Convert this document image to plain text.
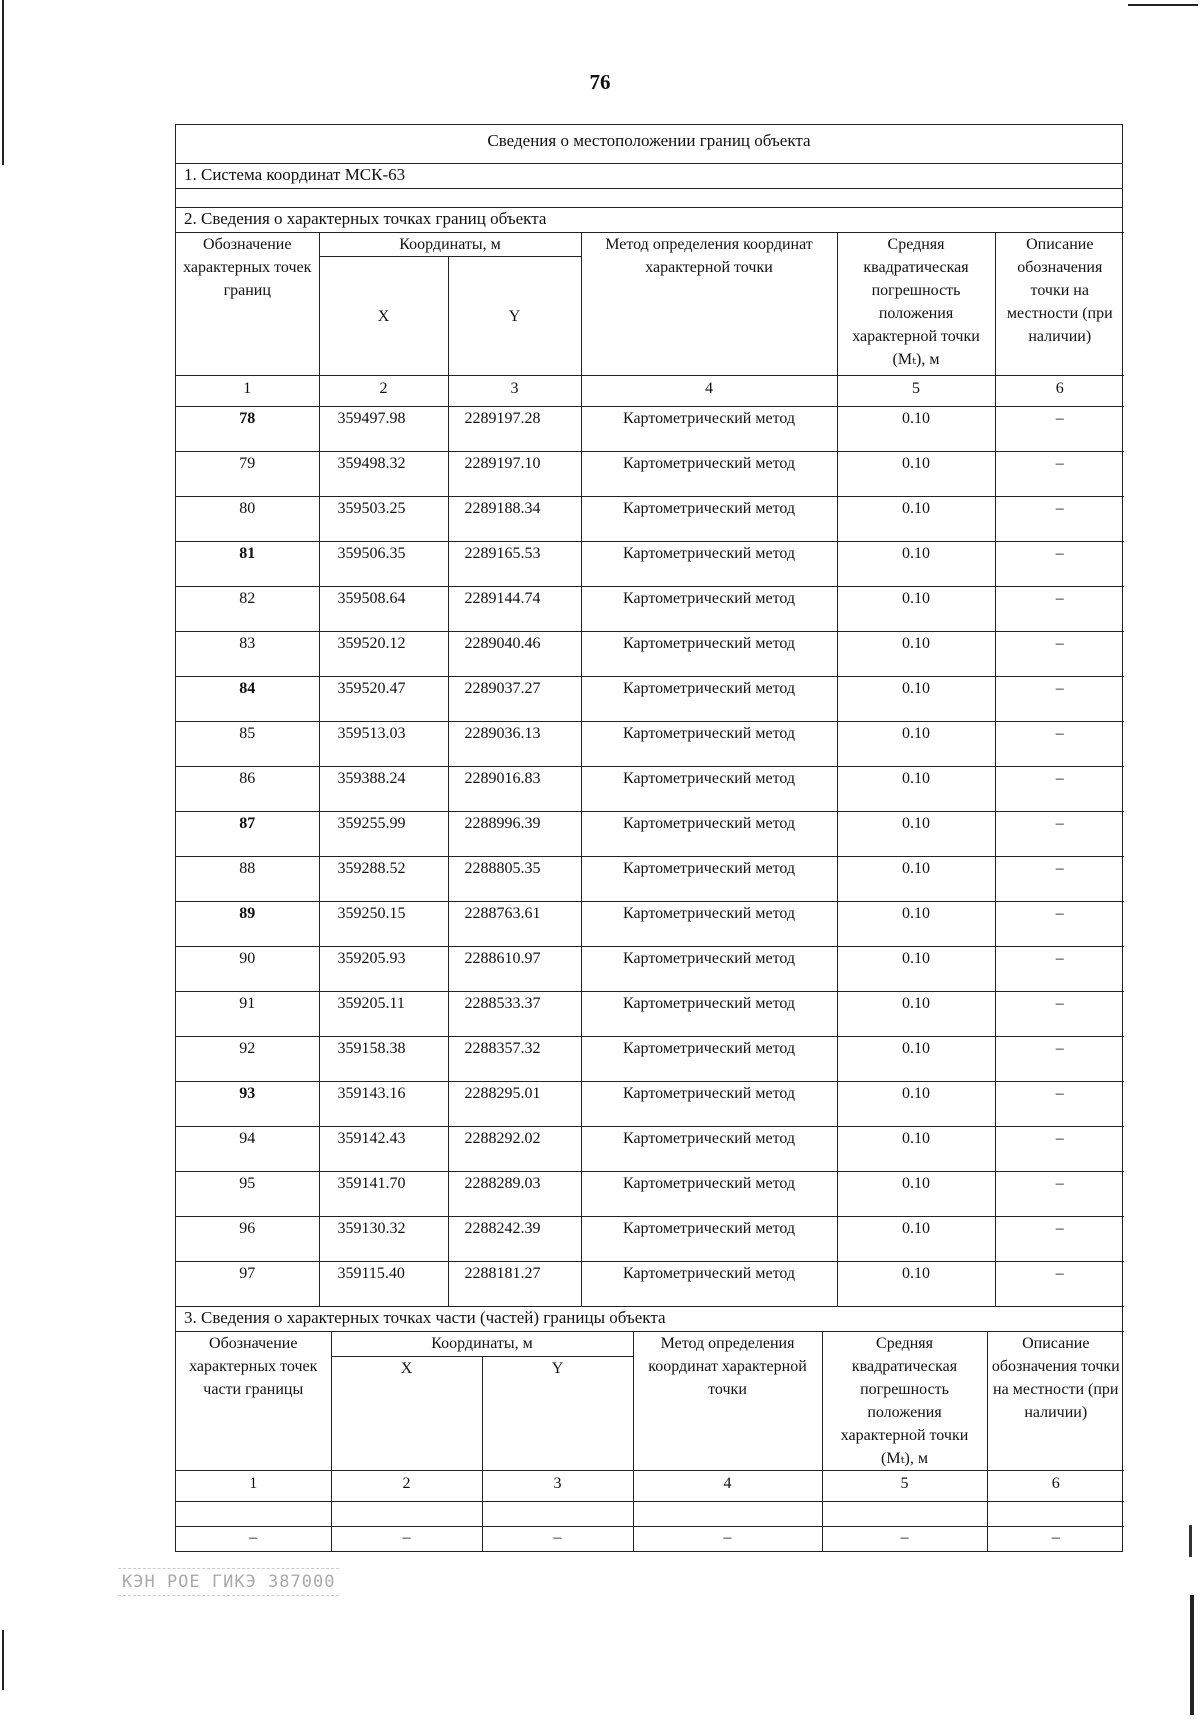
76
Сведения о местоположении границ объекта
1. Система координат МСК-63
2. Сведения о характерных точках границ объекта
Обозначение характерных точек границ	Координаты, м		Метод определения координат характерной точки	Средняя квадратическая погрешность положения характерной точки (Mₜ), м	Описание обозначения точки на местности (при наличии)
	X	Y			
1	2	3	4	5	6
78	359497.98	2289197.28	Картометрический метод	0.10	–
79	359498.32	2289197.10	Картометрический метод	0.10	–
80	359503.25	2289188.34	Картометрический метод	0.10	–
81	359506.35	2289165.53	Картометрический метод	0.10	–
82	359508.64	2289144.74	Картометрический метод	0.10	–
83	359520.12	2289040.46	Картометрический метод	0.10	–
84	359520.47	2289037.27	Картометрический метод	0.10	–
85	359513.03	2289036.13	Картометрический метод	0.10	–
86	359388.24	2289016.83	Картометрический метод	0.10	–
87	359255.99	2288996.39	Картометрический метод	0.10	–
88	359288.52	2288805.35	Картометрический метод	0.10	–
89	359250.15	2288763.61	Картометрический метод	0.10	–
90	359205.93	2288610.97	Картометрический метод	0.10	–
91	359205.11	2288533.37	Картометрический метод	0.10	–
92	359158.38	2288357.32	Картометрический метод	0.10	–
93	359143.16	2288295.01	Картометрический метод	0.10	–
94	359142.43	2288292.02	Картометрический метод	0.10	–
95	359141.70	2288289.03	Картометрический метод	0.10	–
96	359130.32	2288242.39	Картометрический метод	0.10	–
97	359115.40	2288181.27	Картометрический метод	0.10	–
3. Сведения о характерных точках части (частей) границы объекта
Обозначение характерных точек части границы	Координаты, м		Метод определения координат характерной точки	Средняя квадратическая погрешность положения характерной точки (Mₜ), м	Описание обозначения точки на местности (при наличии)
	X	Y			
1	2	3	4	5	6

–	–	–	–	–	–
КЭН РОЕ ГИКЭ 387000
